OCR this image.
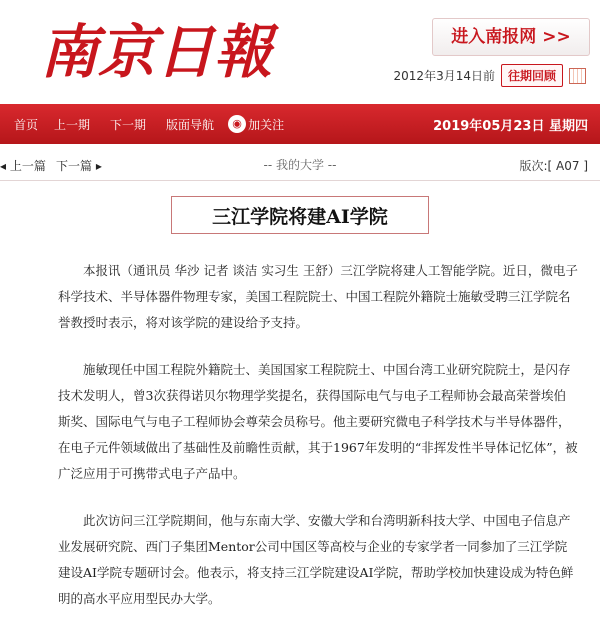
南 京 日 報	进入南报网 >>
2012年3月14日前	往期回顾
首页 上一期 下一期 版面导航	◉ 加关注	2019年05月23日 星期四
-- 我的大学 --
◂ 上一篇 下一篇 ▸	版次:[ A07 ]
三江学院将建AI学院

本报讯（通讯员 华沙 记者 谈洁 实习生 王舒）三江学院将建人工智能学院。近日，微电子科学技术、半导体器件物理专家，美国工程院院士、中国工程院外籍院士施敏受聘三江学院名誉教授时表示，将对该学院的建设给予支持。

施敏现任中国工程院外籍院士、美国国家工程院院士、中国台湾工业研究院院士，是闪存技术发明人，曾3次获得诺贝尔物理学奖提名，获得国际电气与电子工程师协会最高荣誉埃伯斯奖、国际电气与电子工程师协会尊荣会员称号。他主要研究微电子科学技术与半导体器件，在电子元件领域做出了基础性及前瞻性贡献，其于1967年发明的“非挥发性半导体记忆体”，被广泛应用于可携带式电子产品中。

此次访问三江学院期间，他与东南大学、安徽大学和台湾明新科技大学、中国电子信息产业发展研究院、西门子集团Mentor公司中国区等高校与企业的专家学者一同参加了三江学院建设AI学院专题研讨会。他表示，将支持三江学院建设AI学院，帮助学校加快建设成为特色鲜明的高水平应用型民办大学。
